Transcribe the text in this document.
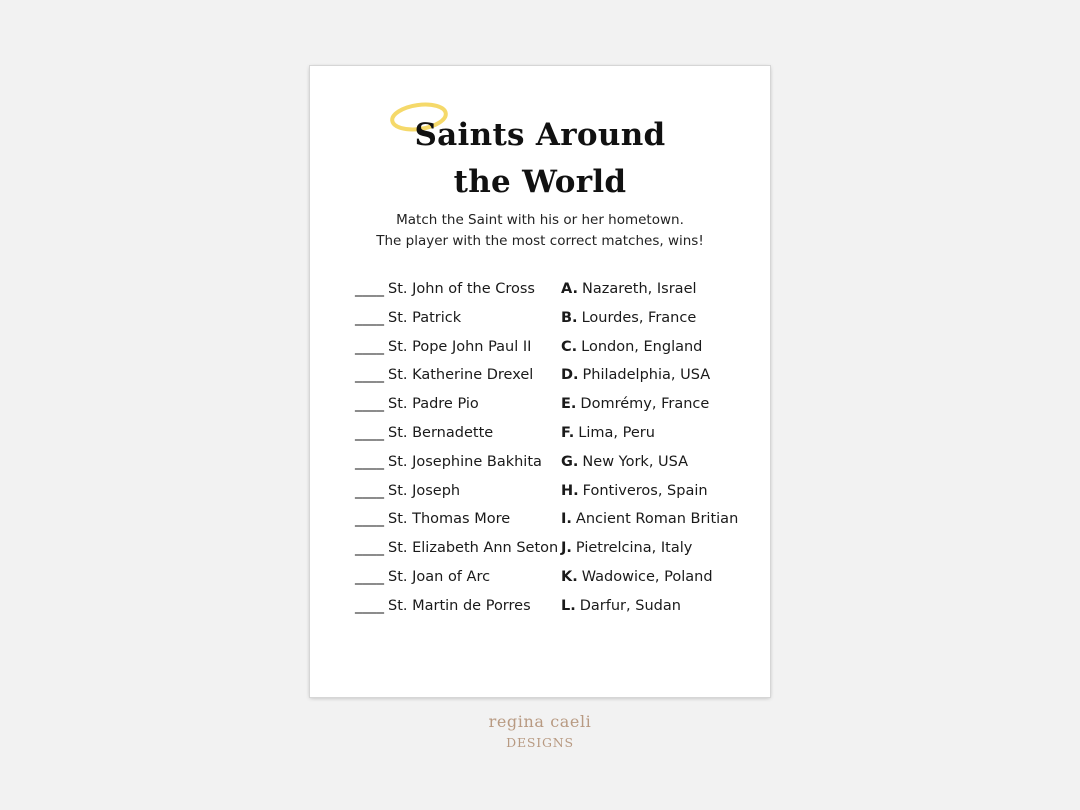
Saints Around
the World
Match the Saint with his or her hometown.
The player with the most correct matches, wins!
____ St. John of the Cross
____ St. Patrick
____ St. Pope John Paul II
____ St. Katherine Drexel
____ St. Padre Pio
____ St. Bernadette
____ St. Josephine Bakhita
____ St. Joseph
____ St. Thomas More
____ St. Elizabeth Ann Seton
____ St. Joan of Arc
____ St. Martin de Porres
A. Nazareth, Israel
B. Lourdes, France
C. London, England
D. Philadelphia, USA
E. Domrémy, France
F. Lima, Peru
G. New York, USA
H. Fontiveros, Spain
I. Ancient Roman Britian
J. Pietrelcina, Italy
K. Wadowice, Poland
L. Darfur, Sudan
regina caeli
DESIGNS
